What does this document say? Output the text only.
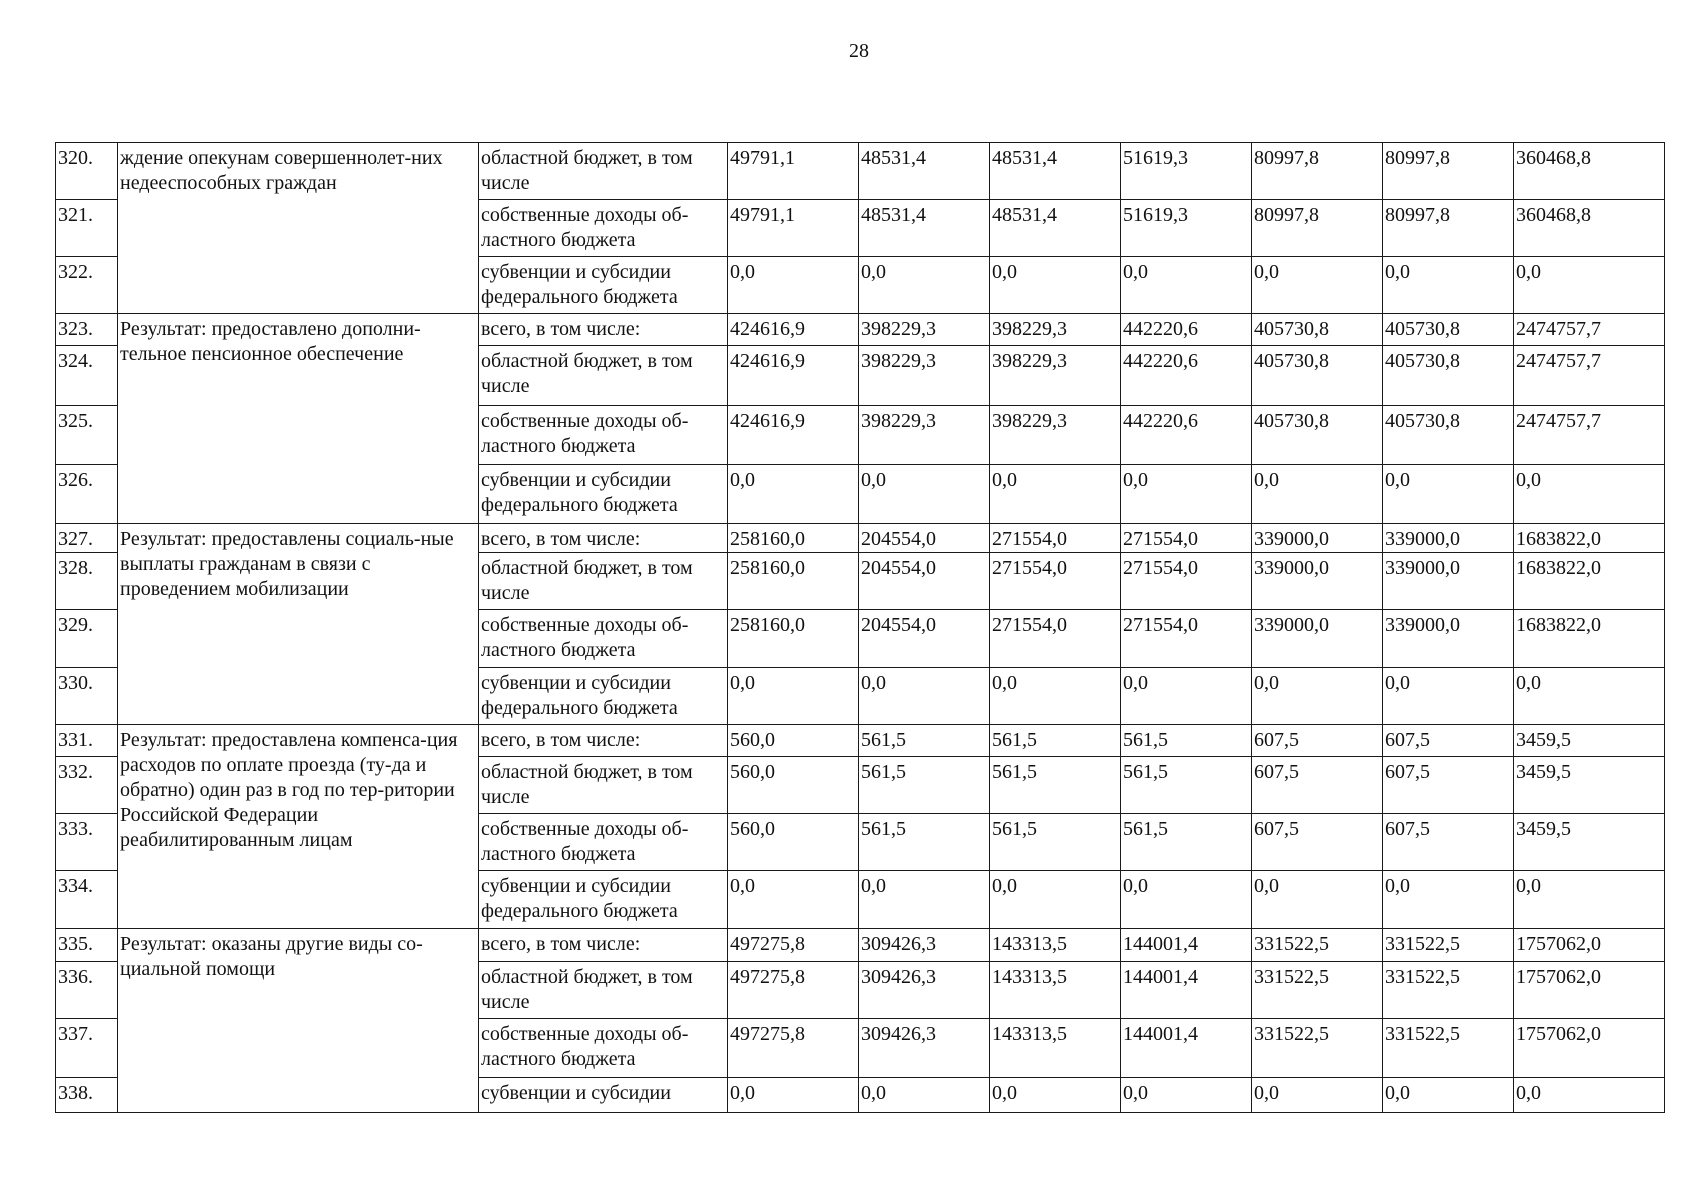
28
320.	ждение опекунам совершеннолет-них недееспособных граждан	областной бюджет, в том числе	49791,1	48531,4	48531,4	51619,3	80997,8	80997,8	360468,8
321.		собственные доходы об-ластного бюджета	49791,1	48531,4	48531,4	51619,3	80997,8	80997,8	360468,8
322.		субвенции и субсидии федерального бюджета	0,0	0,0	0,0	0,0	0,0	0,0	0,0
323.	Результат: предоставлено дополни-тельное пенсионное обеспечение	всего, в том числе:	424616,9	398229,3	398229,3	442220,6	405730,8	405730,8	2474757,7
324.		областной бюджет, в том числе	424616,9	398229,3	398229,3	442220,6	405730,8	405730,8	2474757,7
325.		собственные доходы об-ластного бюджета	424616,9	398229,3	398229,3	442220,6	405730,8	405730,8	2474757,7
326.		субвенции и субсидии федерального бюджета	0,0	0,0	0,0	0,0	0,0	0,0	0,0
327.	Результат: предоставлены социаль-ные выплаты гражданам в связи с проведением мобилизации	всего, в том числе:	258160,0	204554,0	271554,0	271554,0	339000,0	339000,0	1683822,0
328.		областной бюджет, в том числе	258160,0	204554,0	271554,0	271554,0	339000,0	339000,0	1683822,0
329.		собственные доходы об-ластного бюджета	258160,0	204554,0	271554,0	271554,0	339000,0	339000,0	1683822,0
330.		субвенции и субсидии федерального бюджета	0,0	0,0	0,0	0,0	0,0	0,0	0,0
331.	Результат: предоставлена компенса-ция расходов по оплате проезда (ту-да и обратно) один раз в год по тер-ритории Российской Федерации реабилитированным лицам	всего, в том числе:	560,0	561,5	561,5	561,5	607,5	607,5	3459,5
332.		областной бюджет, в том числе	560,0	561,5	561,5	561,5	607,5	607,5	3459,5
333.		собственные доходы об-ластного бюджета	560,0	561,5	561,5	561,5	607,5	607,5	3459,5
334.		субвенции и субсидии федерального бюджета	0,0	0,0	0,0	0,0	0,0	0,0	0,0
335.	Результат: оказаны другие виды со-циальной помощи	всего, в том числе:	497275,8	309426,3	143313,5	144001,4	331522,5	331522,5	1757062,0
336.		областной бюджет, в том числе	497275,8	309426,3	143313,5	144001,4	331522,5	331522,5	1757062,0
337.		собственные доходы об-ластного бюджета	497275,8	309426,3	143313,5	144001,4	331522,5	331522,5	1757062,0
338.		субвенции и субсидии	0,0	0,0	0,0	0,0	0,0	0,0	0,0
